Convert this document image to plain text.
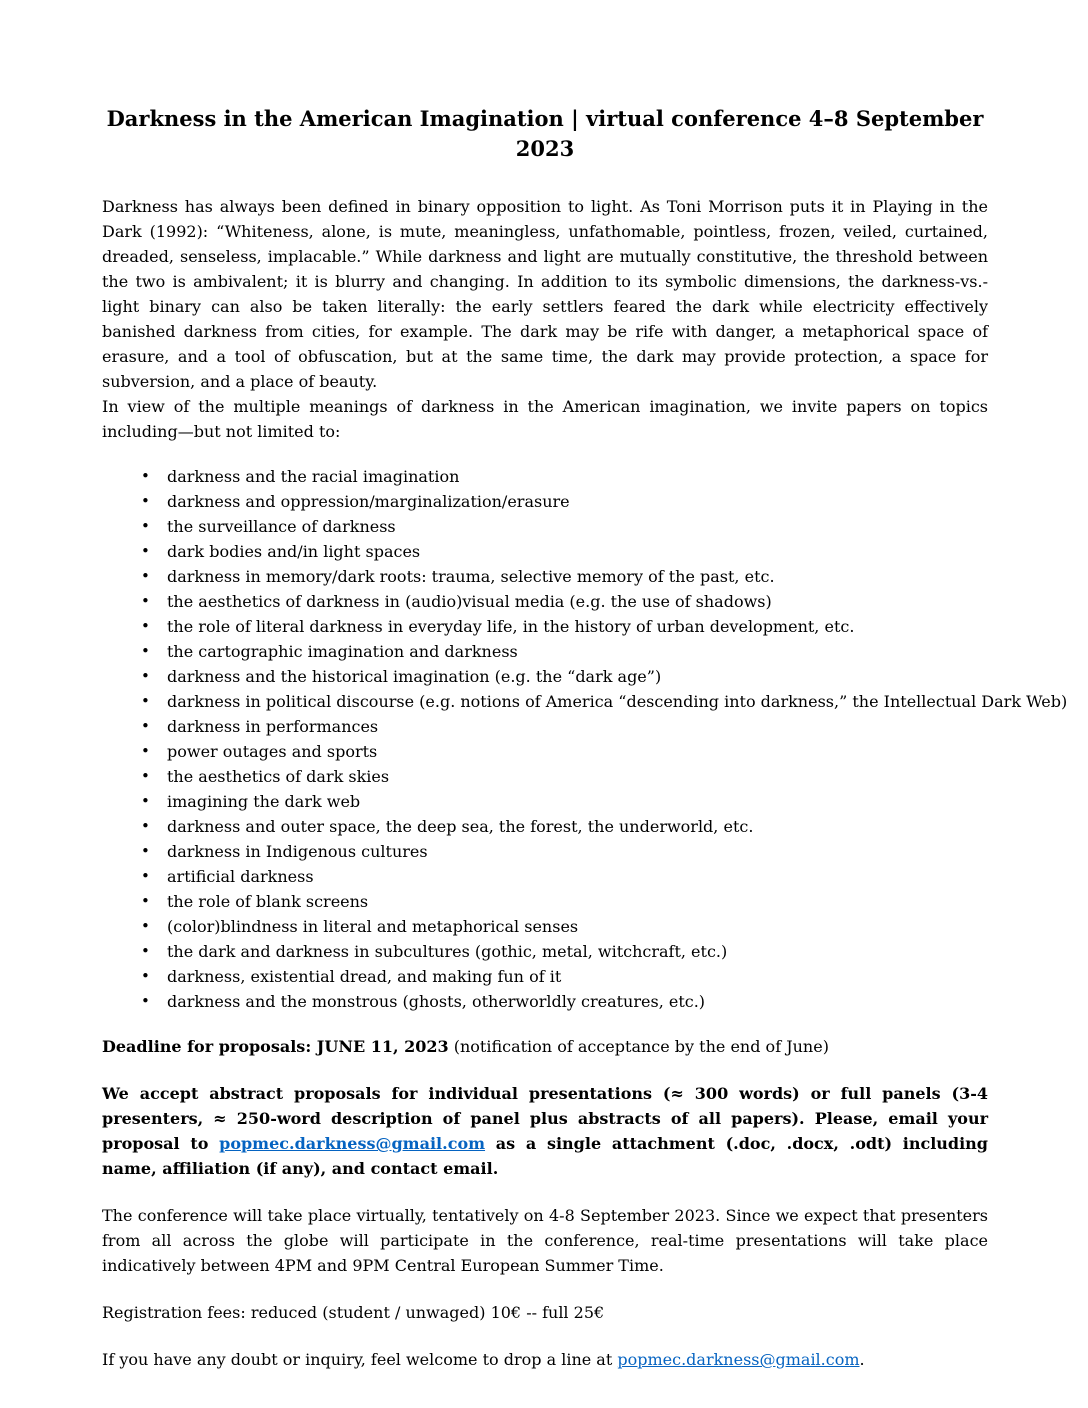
Darkness in the American Imagination | virtual conference 4–8 September 2023

Darkness has always been defined in binary opposition to light. As Toni Morrison puts it in Playing in the Dark (1992): “Whiteness, alone, is mute, meaningless, unfathomable, pointless, frozen, veiled, curtained, dreaded, senseless, implacable.” While darkness and light are mutually constitutive, the threshold between the two is ambivalent; it is blurry and changing. In addition to its symbolic dimensions, the darkness-vs.-light binary can also be taken literally: the early settlers feared the dark while electricity effectively banished darkness from cities, for example. The dark may be rife with danger, a metaphorical space of erasure, and a tool of obfuscation, but at the same time, the dark may provide protection, a space for subversion, and a place of beauty.

In view of the multiple meanings of darkness in the American imagination, we invite papers on topics including—but not limited to:

• darkness and the racial imagination
• darkness and oppression/marginalization/erasure
• the surveillance of darkness
• dark bodies and/in light spaces
• darkness in memory/dark roots: trauma, selective memory of the past, etc.
• the aesthetics of darkness in (audio)visual media (e.g. the use of shadows)
• the role of literal darkness in everyday life, in the history of urban development, etc.
• the cartographic imagination and darkness
• darkness and the historical imagination (e.g. the “dark age”)
• darkness in political discourse (e.g. notions of America “descending into darkness,” the Intellectual Dark Web)
• darkness in performances
• power outages and sports
• the aesthetics of dark skies
• imagining the dark web
• darkness and outer space, the deep sea, the forest, the underworld, etc.
• darkness in Indigenous cultures
• artificial darkness
• the role of blank screens
• (color)blindness in literal and metaphorical senses
• the dark and darkness in subcultures (gothic, metal, witchcraft, etc.)
• darkness, existential dread, and making fun of it
• darkness and the monstrous (ghosts, otherworldly creatures, etc.)

Deadline for proposals: JUNE 11, 2023 (notification of acceptance by the end of June)

We accept abstract proposals for individual presentations (≈ 300 words) or full panels (3-4 presenters, ≈ 250-word description of panel plus abstracts of all papers). Please, email your proposal to popmec.darkness@gmail.com as a single attachment (.doc, .docx, .odt) including name, affiliation (if any), and contact email.

The conference will take place virtually, tentatively on 4-8 September 2023. Since we expect that presenters from all across the globe will participate in the conference, real-time presentations will take place indicatively between 4PM and 9PM Central European Summer Time.

Registration fees: reduced (student / unwaged) 10€ -- full 25€

If you have any doubt or inquiry, feel welcome to drop a line at popmec.darkness@gmail.com.
